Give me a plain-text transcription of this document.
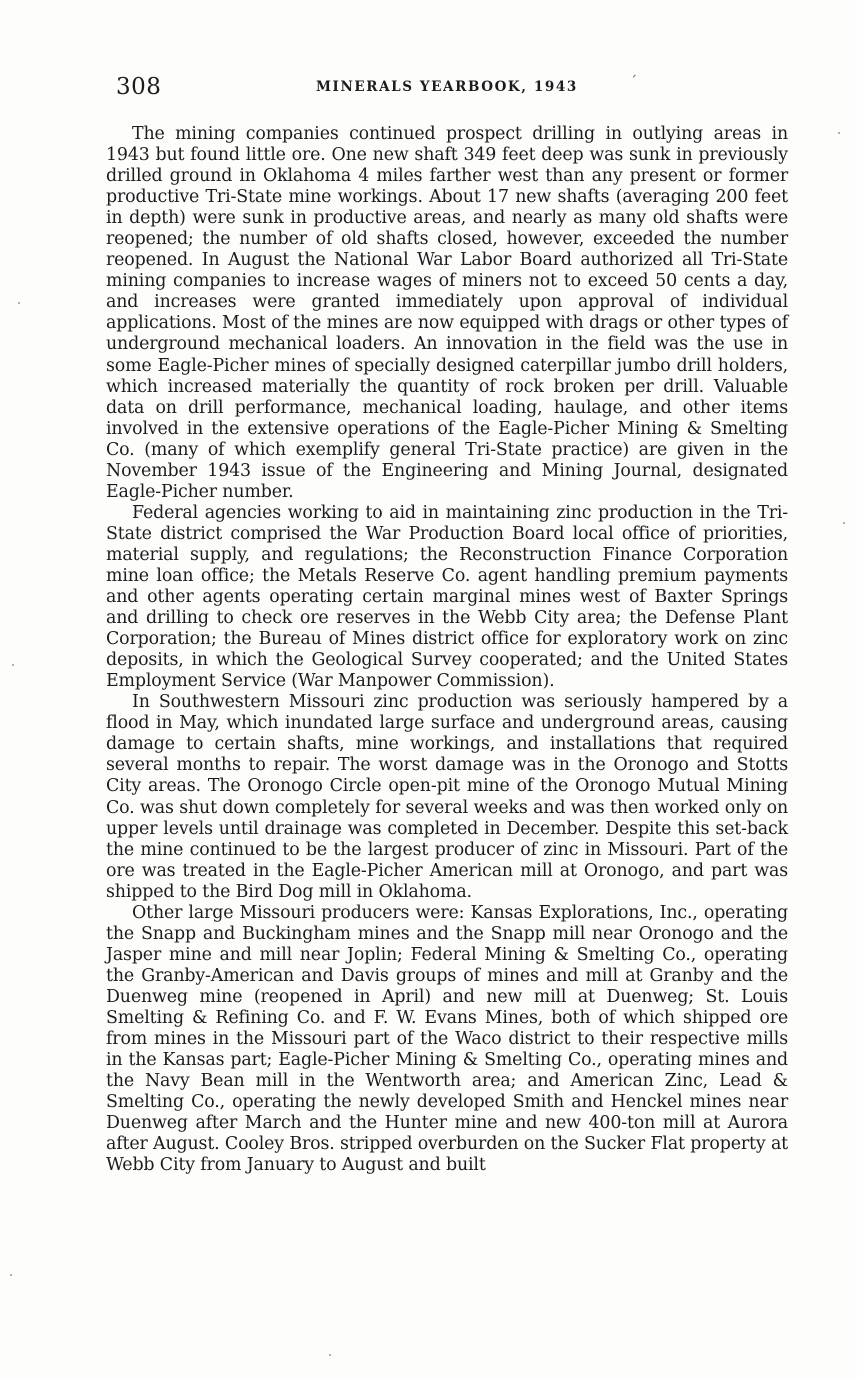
308	MINERALS YEARBOOK, 1943	´

The mining companies continued prospect drilling in outlying areas in 1943 but found little ore. One new shaft 349 feet deep was sunk in previously drilled ground in Oklahoma 4 miles farther west than any present or former productive Tri-State mine workings. About 17 new shafts (averaging 200 feet in depth) were sunk in productive areas, and nearly as many old shafts were reopened; the number of old shafts closed, however, exceeded the number reopened. In August the National War Labor Board authorized all Tri-State mining companies to increase wages of miners not to exceed 50 cents a day, and increases were granted immediately upon approval of individual applications. Most of the mines are now equipped with drags or other types of underground mechanical loaders. An innovation in the field was the use in some Eagle-Picher mines of specially designed caterpillar jumbo drill holders, which increased materially the quantity of rock broken per drill. Valuable data on drill performance, mechanical loading, haulage, and other items involved in the extensive operations of the Eagle-Picher Mining & Smelting Co. (many of which exemplify general Tri-State practice) are given in the November 1943 issue of the Engineering and Mining Journal, designated Eagle-Picher number.

Federal agencies working to aid in maintaining zinc production in the Tri-State district comprised the War Production Board local office of priorities, material supply, and regulations; the Reconstruction Finance Corporation mine loan office; the Metals Reserve Co. agent handling premium payments and other agents operating certain marginal mines west of Baxter Springs and drilling to check ore reserves in the Webb City area; the Defense Plant Corporation; the Bureau of Mines district office for exploratory work on zinc deposits, in which the Geological Survey cooperated; and the United States Employment Service (War Manpower Commission).

In Southwestern Missouri zinc production was seriously hampered by a flood in May, which inundated large surface and underground areas, causing damage to certain shafts, mine workings, and installations that required several months to repair. The worst damage was in the Oronogo and Stotts City areas. The Oronogo Circle open-pit mine of the Oronogo Mutual Mining Co. was shut down completely for several weeks and was then worked only on upper levels until drainage was completed in December. Despite this set-back the mine continued to be the largest producer of zinc in Missouri. Part of the ore was treated in the Eagle-Picher American mill at Oronogo, and part was shipped to the Bird Dog mill in Oklahoma.

Other large Missouri producers were: Kansas Explorations, Inc., operating the Snapp and Buckingham mines and the Snapp mill near Oronogo and the Jasper mine and mill near Joplin; Federal Mining & Smelting Co., operating the Granby-American and Davis groups of mines and mill at Granby and the Duenweg mine (reopened in April) and new mill at Duenweg; St. Louis Smelting & Refining Co. and F. W. Evans Mines, both of which shipped ore from mines in the Missouri part of the Waco district to their respective mills in the Kansas part; Eagle-Picher Mining & Smelting Co., operating mines and the Navy Bean mill in the Wentworth area; and American Zinc, Lead & Smelting Co., operating the newly developed Smith and Henckel mines near Duenweg after March and the Hunter mine and new 400-ton mill at Aurora after August. Cooley Bros. stripped overburden on the Sucker Flat property at Webb City from January to August and built
